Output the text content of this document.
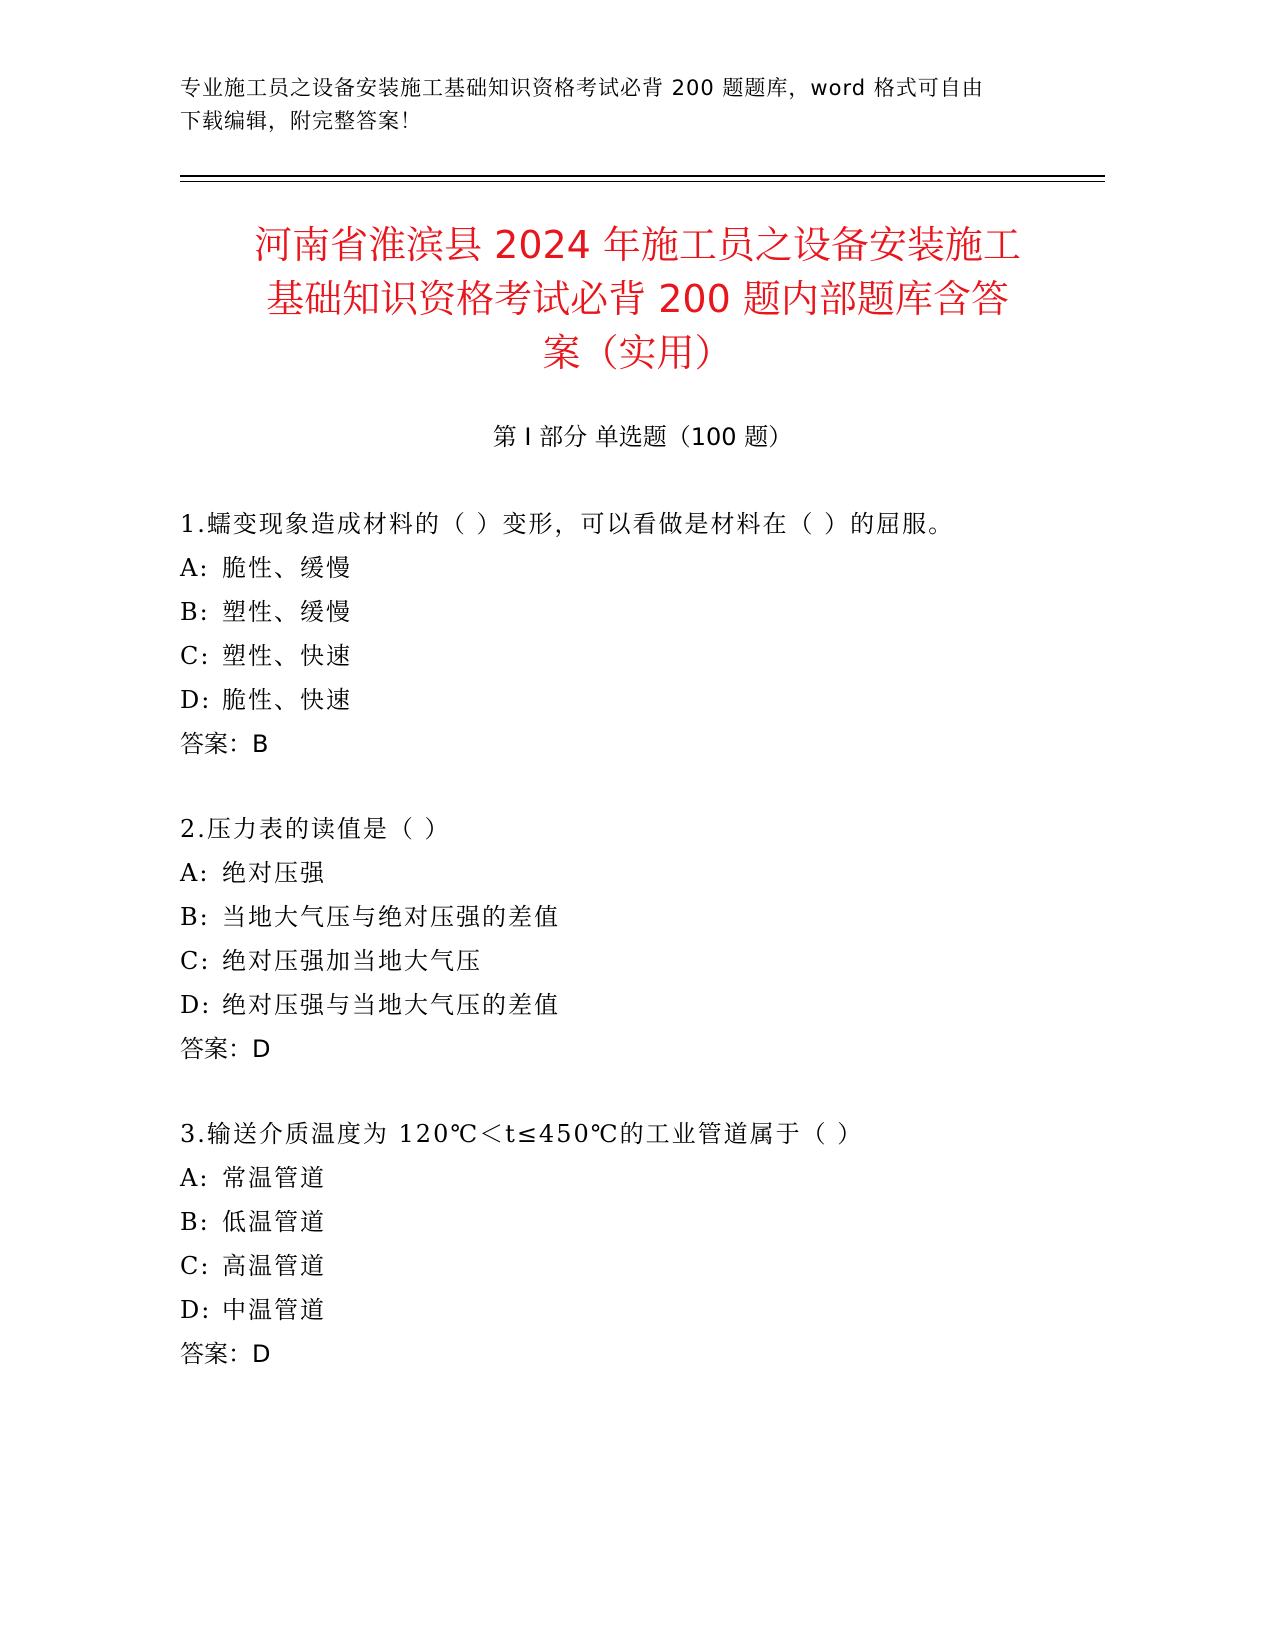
专业施工员之设备安装施工基础知识资格考试必背 200 题题库，word 格式可自由
下载编辑，附完整答案！
河南省淮滨县 2024 年施工员之设备安装施工
基础知识资格考试必背 200 题内部题库含答
案（实用）
第 I 部分 单选题（100 题）
1.蠕变现象造成材料的（ ）变形，可以看做是材料在（ ）的屈服。
A: 脆性、缓慢
B: 塑性、缓慢
C: 塑性、快速
D: 脆性、快速
答案：B
2.压力表的读值是（ ）
A: 绝对压强
B: 当地大气压与绝对压强的差值
C: 绝对压强加当地大气压
D: 绝对压强与当地大气压的差值
答案：D
3.输送介质温度为 120℃＜t≤450℃的工业管道属于（ ）
A: 常温管道
B: 低温管道
C: 高温管道
D: 中温管道
答案：D
